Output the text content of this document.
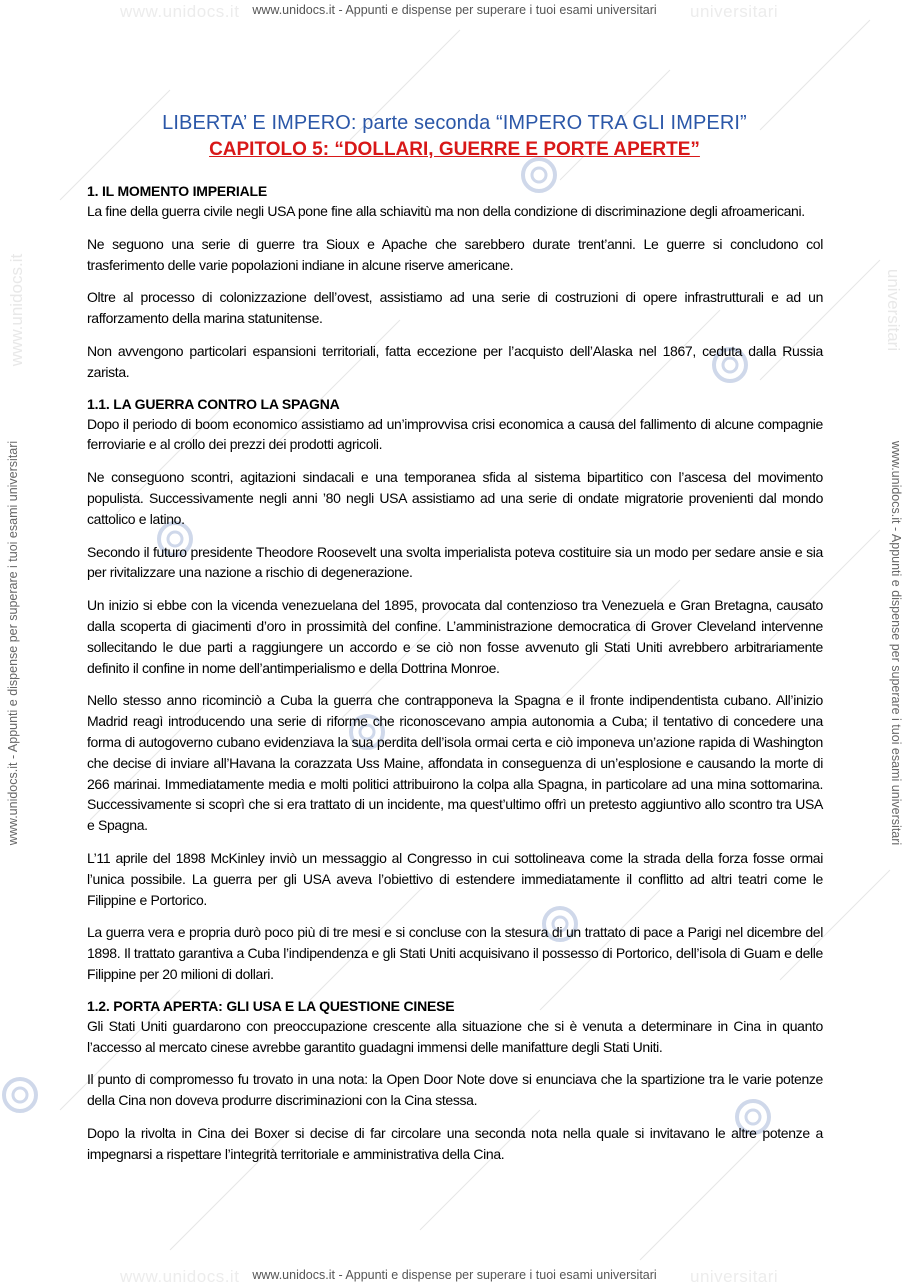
www.unidocs.it	universitari
www.unidocs.it - Appunti e dispense per superare i tuoi esami universitari
www.unidocs.it	universitari
www.unidocs.it - Appunti e dispense per superare i tuoi esami universitari	www.unidocs.it - Appunti e dispense per superare i tuoi esami universitari
LIBERTA’ E IMPERO: parte seconda “IMPERO TRA GLI IMPERI”
CAPITOLO 5: “DOLLARI, GUERRE E PORTE APERTE”
1. IL MOMENTO IMPERIALE

La fine della guerra civile negli USA pone fine alla schiavitù ma non della condizione di discriminazione degli afroamericani.

Ne seguono una serie di guerre tra Sioux e Apache che sarebbero durate trent’anni. Le guerre si concludono col trasferimento delle varie popolazioni indiane in alcune riserve americane.

Oltre al processo di colonizzazione dell’ovest, assistiamo ad una serie di costruzioni di opere infrastrutturali e ad un rafforzamento della marina statunitense.

Non avvengono particolari espansioni territoriali, fatta eccezione per l’acquisto dell’Alaska nel 1867, ceduta dalla Russia zarista.

1.1. LA GUERRA CONTRO LA SPAGNA

Dopo il periodo di boom economico assistiamo ad un’improvvisa crisi economica a causa del fallimento di alcune compagnie ferroviarie e al crollo dei prezzi dei prodotti agricoli.

Ne conseguono scontri, agitazioni sindacali e una temporanea sfida al sistema bipartitico con l’ascesa del movimento populista. Successivamente negli anni ’80 negli USA assistiamo ad una serie di ondate migratorie provenienti dal mondo cattolico e latino.

Secondo il futuro presidente Theodore Roosevelt una svolta imperialista poteva costituire sia un modo per sedare ansie e sia per rivitalizzare una nazione a rischio di degenerazione.

Un inizio si ebbe con la vicenda venezuelana del 1895, provocata dal contenzioso tra Venezuela e Gran Bretagna, causato dalla scoperta di giacimenti d’oro in prossimità del confine. L’amministrazione democratica di Grover Cleveland intervenne sollecitando le due parti a raggiungere un accordo e se ciò non fosse avvenuto gli Stati Uniti avrebbero arbitrariamente definito il confine in nome dell’antimperialismo e della Dottrina Monroe.

Nello stesso anno ricominciò a Cuba la guerra che contrapponeva la Spagna e il fronte indipendentista cubano. All’inizio Madrid reagì introducendo una serie di riforme che riconoscevano ampia autonomia a Cuba; il tentativo di concedere una forma di autogoverno cubano evidenziava la sua perdita dell’isola ormai certa e ciò imponeva un’azione rapida di Washington che decise di inviare all’Havana la corazzata Uss Maine, affondata in conseguenza di un’esplosione e causando la morte di 266 marinai. Immediatamente media e molti politici attribuirono la colpa alla Spagna, in particolare ad una mina sottomarina. Successivamente si scoprì che si era trattato di un incidente, ma quest’ultimo offrì un pretesto aggiuntivo allo scontro tra USA e Spagna.

L’11 aprile del 1898 McKinley inviò un messaggio al Congresso in cui sottolineava come la strada della forza fosse ormai l’unica possibile. La guerra per gli USA aveva l’obiettivo di estendere immediatamente il conflitto ad altri teatri come le Filippine e Portorico.

La guerra vera e propria durò poco più di tre mesi e si concluse con la stesura di un trattato di pace a Parigi nel dicembre del 1898. Il trattato garantiva a Cuba l’indipendenza e gli Stati Uniti acquisivano il possesso di Portorico, dell’isola di Guam e delle Filippine per 20 milioni di dollari.

1.2. PORTA APERTA: GLI USA E LA QUESTIONE CINESE

Gli Stati Uniti guardarono con preoccupazione crescente alla situazione che si è venuta a determinare in Cina in quanto l’accesso al mercato cinese avrebbe garantito guadagni immensi delle manifatture degli Stati Uniti.

Il punto di compromesso fu trovato in una nota: la Open Door Note dove si enunciava che la spartizione tra le varie potenze della Cina non doveva produrre discriminazioni con la Cina stessa.

Dopo la rivolta in Cina dei Boxer si decise di far circolare una seconda nota nella quale si invitavano le altre potenze a impegnarsi a rispettare l’integrità territoriale e amministrativa della Cina.

www.unidocs.it	universitari
www.unidocs.it - Appunti e dispense per superare i tuoi esami universitari
